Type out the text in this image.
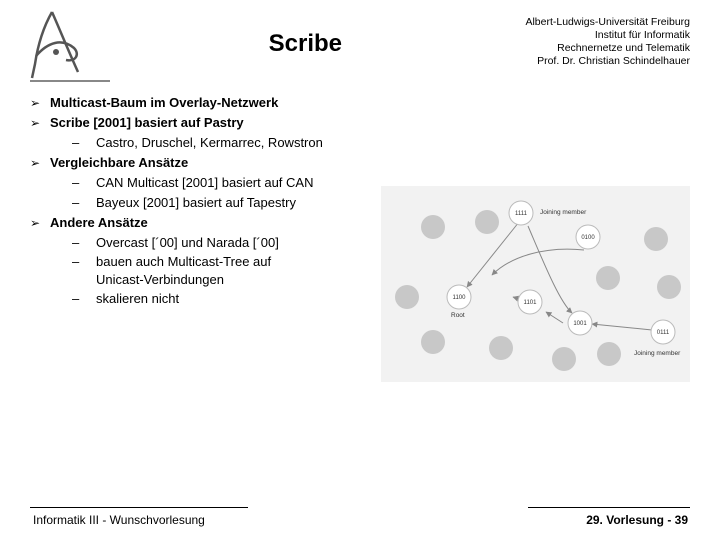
Scribe
Albert-Ludwigs-Universität Freiburg
Institut für Informatik
Rechnernetze und Telematik
Prof. Dr. Christian Schindelhauer
➢ Multicast-Baum im Overlay-Netzwerk
➢ Scribe [2001] basiert auf Pastry
– Castro, Druschel, Kermarrec, Rowstron
➢ Vergleichbare Ansätze
– CAN Multicast [2001] basiert auf CAN
– Bayeux [2001] basiert auf Tapestry
➢ Andere Ansätze
– Overcast [´00] und Narada [´00]
– bauen auch Multicast-Tree auf Unicast-Verbindungen
– skalieren nicht
1111
0100
1100
1101
1001
0111
Joining member
Root
Joining member
Informatik III - Wunschvorlesung	29. Vorlesung - 39
